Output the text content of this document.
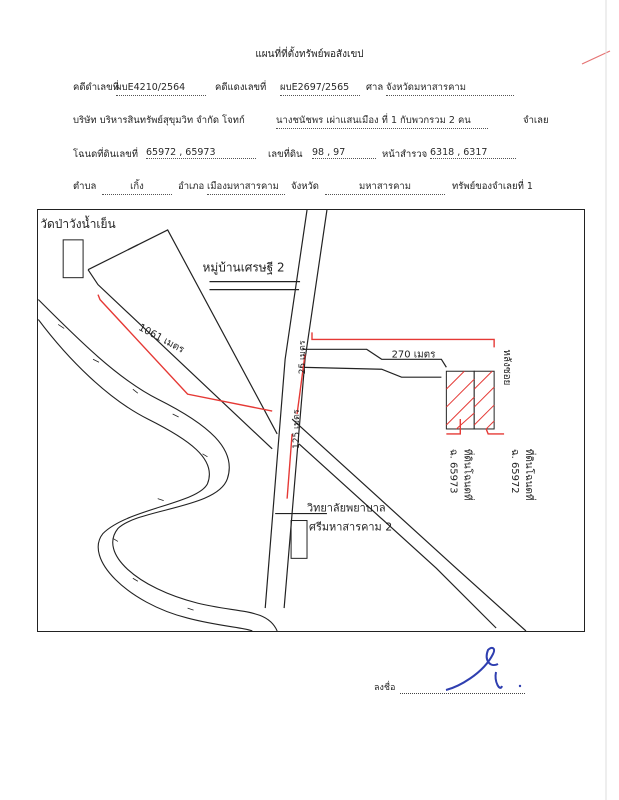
แผนที่ที่ตั้งทรัพย์พอสังเขป
คดีดำเลขที่
ผบE4210/2564	คดีแดงเลขที่ ผบE2697/2565	ศาล จังหวัดมหาสารคาม
บริษัท บริหารสินทรัพย์สุขุมวิท จำกัด โจทก์	นางชนัชพร เผ่าแสนเมือง ที่ 1 กับพวกรวม 2 คน	จำเลย
โฉนดที่ดินเลขที่ 65972 , 65973	เลขที่ดิน 98 , 97	หน้าสำรวจ 6318 , 6317
ตำบล	เกิ้ง	อำเภอ เมืองมหาสารคาม	จังหวัด	มหาสารคาม	ทรัพย์ของจำเลยที่ 1
วัดป่าวังน้ำเย็น
หมู่บ้านเศรษฐี 2
วิทยาลัยพยาบาล
ศรีมหาสารคาม 2
1061 เมตร	270 เมตร
25 เมตร
125 เมตร
หลังซอย
ที่ดินโฉนดที่
ฉ. 65973	ที่ดินโฉนดที่
ฉ. 65972
ลงชื่อ
